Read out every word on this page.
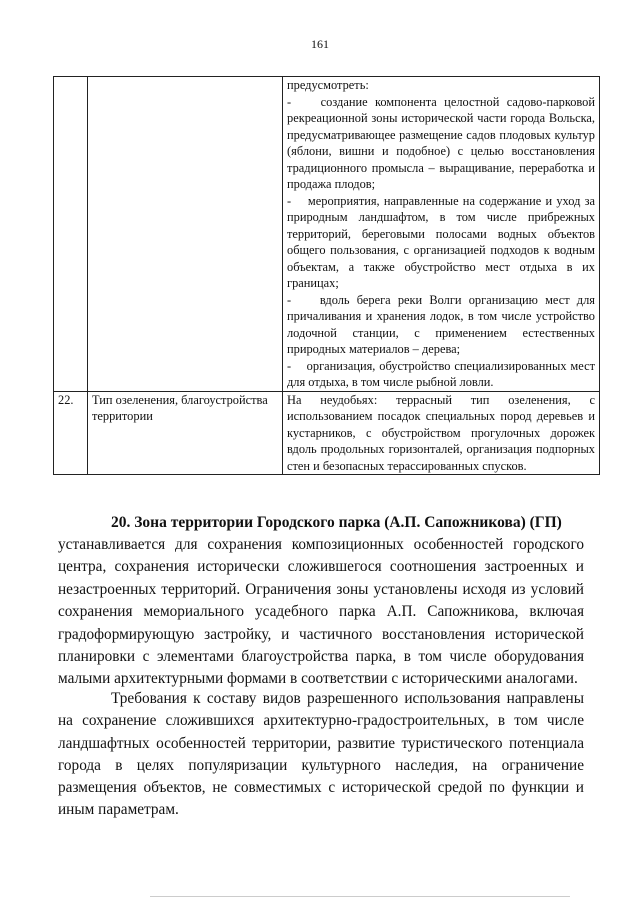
161

		предусмотреть:

-    создание компонента целостной садово-парковой рекреационной зоны исторической части города Вольска, предусматривающее размещение садов плодовых культур (яблони, вишни и подобное) с целью восстановления традиционного промысла – выращивание, переработка и продажа плодов;

-    мероприятия, направленные на содержание и уход за природным ландшафтом, в том числе прибрежных территорий, береговыми полосами водных объектов общего пользования, с организацией подходов к водным объектам, а также обустройство мест отдыха в их границах;

-    вдоль берега реки Волги организацию мест для причаливания и хранения лодок, в том числе устройство лодочной станции, с применением естественных природных материалов – дерева;

-    организация, обустройство специализированных мест для отдыха, в том числе рыбной ловли.

22.	Тип озеленения, благоустройства территории	На неудобьях: террасный тип озеленения, с использованием посадок специальных пород деревьев и кустарников, с обустройством прогулочных дорожек вдоль продольных горизонталей, организация подпорных стен и безопасных терассированных спусков.

20. Зона территории Городского парка (А.П. Сапожникова) (ГП)

устанавливается для сохранения композиционных особенностей городского центра, сохранения исторически сложившегося соотношения застроенных и незастроенных территорий. Ограничения зоны установлены исходя из условий сохранения мемориального усадебного парка А.П. Сапожникова, включая градоформирующую застройку, и частичного восстановления исторической планировки с элементами благоустройства парка, в том числе оборудования малыми архитектурными формами в соответствии с историческими аналогами.

Требования к составу видов разрешенного использования направлены на сохранение сложившихся архитектурно-градостроительных, в том числе ландшафтных особенностей территории, развитие туристического потенциала города в целях популяризации культурного наследия, на ограничение размещения объектов, не совместимых с исторической средой по функции и иным параметрам.
